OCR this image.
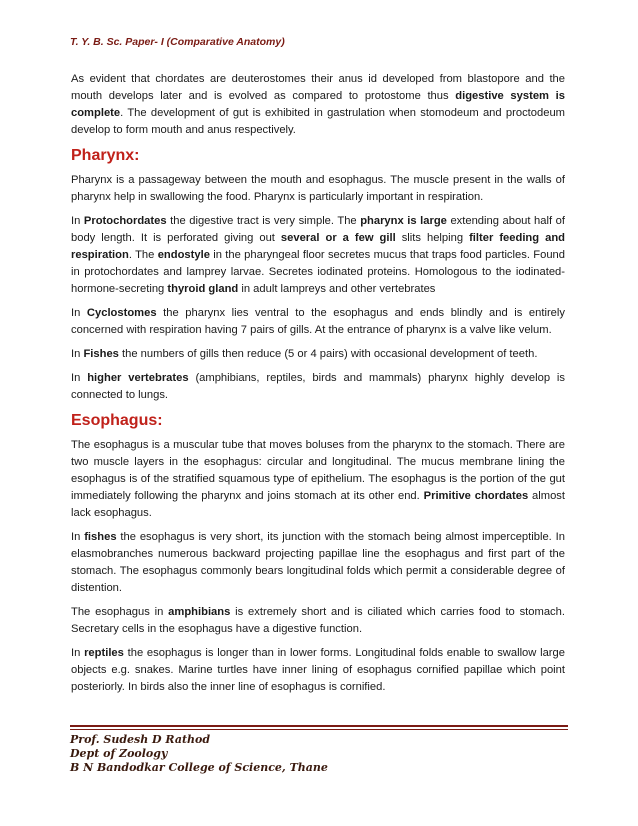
T. Y. B. Sc. Paper- I (Comparative Anatomy)

As evident that chordates are deuterostomes their anus id developed from blastopore and the mouth develops later and is evolved as compared to protostome thus digestive system is complete. The development of gut is exhibited in gastrulation when stomodeum and proctodeum develop to form mouth and anus respectively.

Pharynx:

Pharynx is a passageway between the mouth and esophagus. The muscle present in the walls of pharynx help in swallowing the food. Pharynx is particularly important in respiration.

In Protochordates the digestive tract is very simple. The pharynx is large extending about half of body length. It is perforated giving out several or a few gill slits helping filter feeding and respiration. The endostyle in the pharyngeal floor secretes mucus that traps food particles. Found in protochordates and lamprey larvae. Secretes iodinated proteins. Homologous to the iodinated-hormone-secreting thyroid gland in adult lampreys and other vertebrates

In Cyclostomes the pharynx lies ventral to the esophagus and ends blindly and is entirely concerned with respiration having 7 pairs of gills. At the entrance of pharynx is a valve like velum.

In Fishes the numbers of gills then reduce (5 or 4 pairs) with occasional development of teeth.

In higher vertebrates (amphibians, reptiles, birds and mammals) pharynx highly develop is connected to lungs.

Esophagus:

The esophagus is a muscular tube that moves boluses from the pharynx to the stomach. There are two muscle layers in the esophagus: circular and longitudinal. The mucus membrane lining the esophagus is of the stratified squamous type of epithelium. The esophagus is the portion of the gut immediately following the pharynx and joins stomach at its other end. Primitive chordates almost lack esophagus.

In fishes the esophagus is very short, its junction with the stomach being almost imperceptible. In elasmobranches numerous backward projecting papillae line the esophagus and first part of the stomach. The esophagus commonly bears longitudinal folds which permit a considerable degree of distention.

The esophagus in amphibians is extremely short and is ciliated which carries food to stomach. Secretary cells in the esophagus have a digestive function.

In reptiles the esophagus is longer than in lower forms. Longitudinal folds enable to swallow large objects e.g. snakes. Marine turtles have inner lining of esophagus cornified papillae which point posteriorly. In birds also the inner line of esophagus is cornified.

Prof. Sudesh D Rathod
Dept of Zoology
B N Bandodkar College of Science, Thane
